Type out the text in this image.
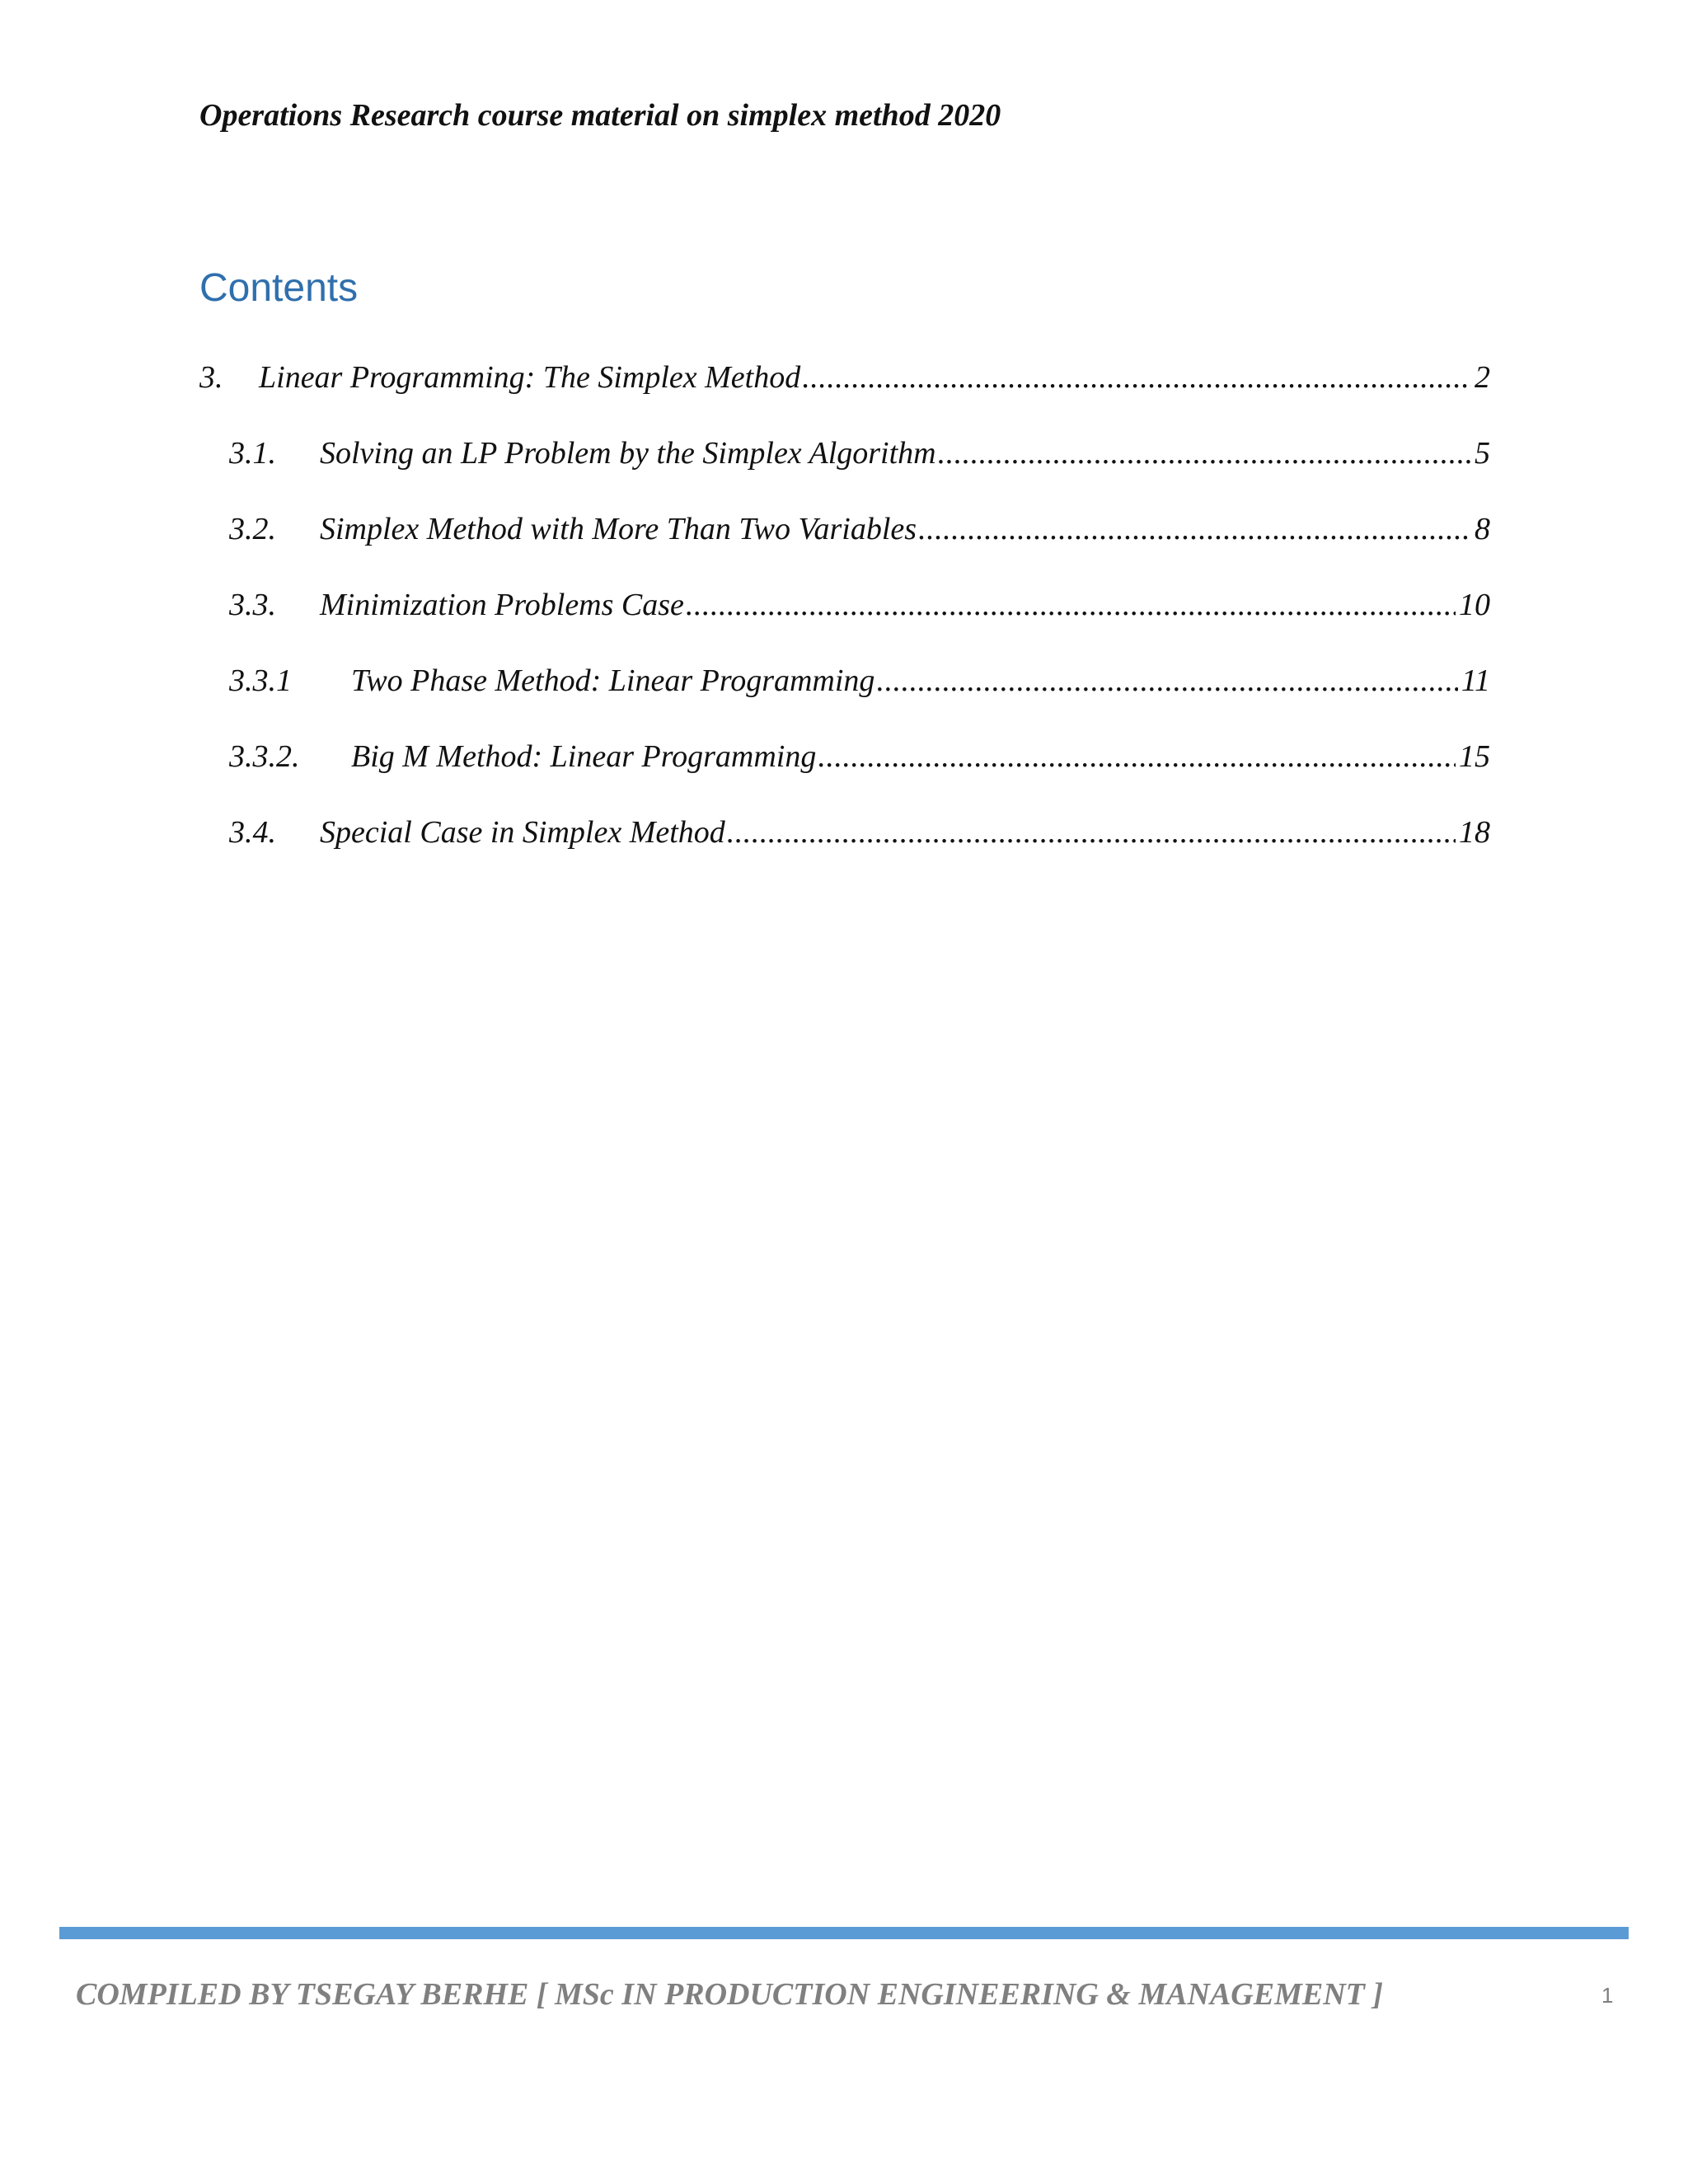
Operations Research course material on simplex method 2020
Contents
3.	Linear Programming: The Simplex Method .....	2
3.1.	Solving an LP Problem by the Simplex Algorithm .....	5
3.2.	Simplex Method with More Than Two Variables .....	8
3.3.	Minimization Problems Case .....	10
3.3.1	Two Phase Method: Linear Programming .....	11
3.3.2.	Big M Method: Linear Programming .....	15
3.4.	Special Case in Simplex Method .....	18
COMPILED BY TSEGAY BERHE [ MSc IN PRODUCTION ENGINEERING & MANAGEMENT ]	1
